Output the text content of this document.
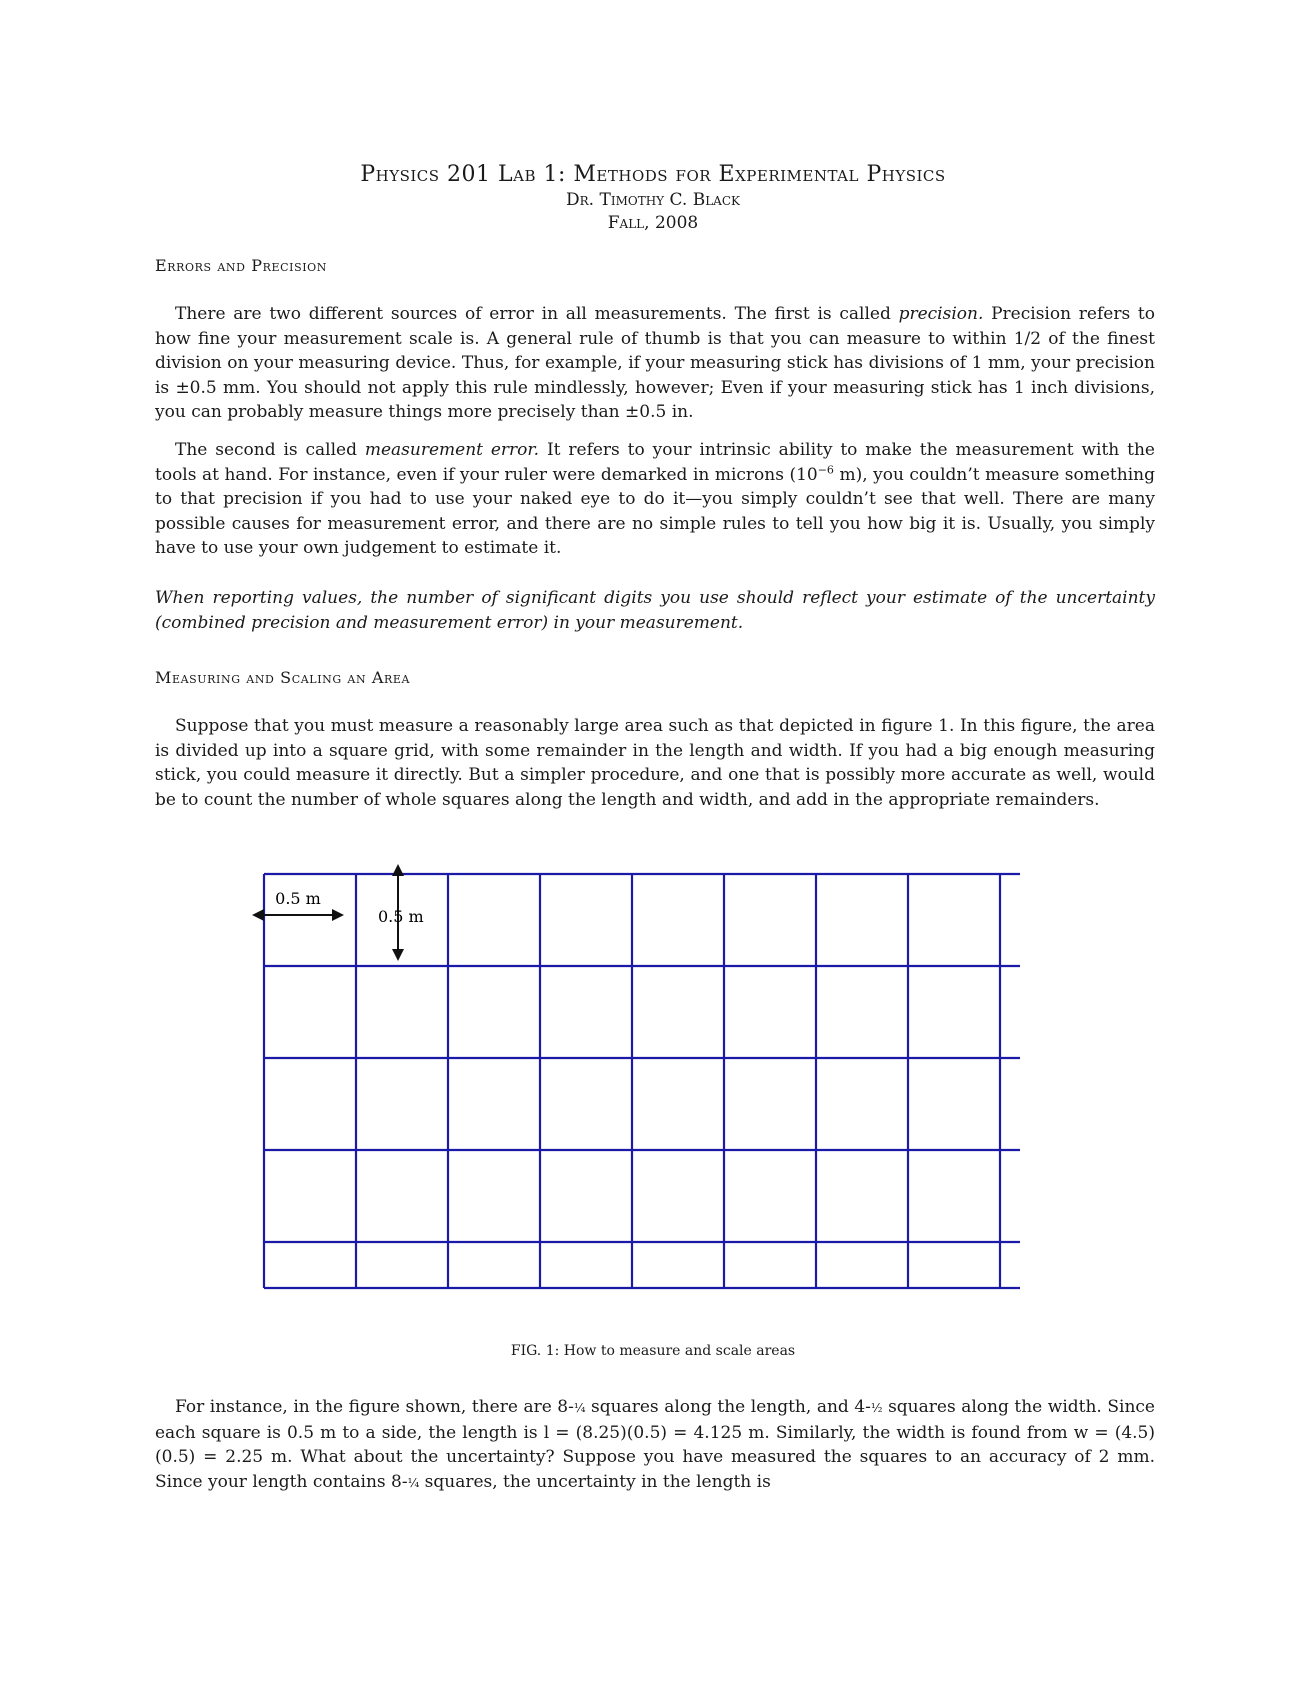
Physics 201 Lab 1: Methods for Experimental Physics
Dr. Timothy C. Black
Fall, 2008
Errors and Precision

There are two different sources of error in all measurements. The first is called precision. Precision refers to how fine your measurement scale is. A general rule of thumb is that you can measure to within 1/2 of the finest division on your measuring device. Thus, for example, if your measuring stick has divisions of 1 mm, your precision is ±0.5 mm. You should not apply this rule mindlessly, however; Even if your measuring stick has 1 inch divisions, you can probably measure things more precisely than ±0.5 in.

The second is called measurement error. It refers to your intrinsic ability to make the measurement with the tools at hand. For instance, even if your ruler were demarked in microns ($10^{-6}$ m), you couldn’t measure something to that precision if you had to use your naked eye to do it—you simply couldn’t see that well. There are many possible causes for measurement error, and there are no simple rules to tell you how big it is. Usually, you simply have to use your own judgement to estimate it.

When reporting values, the number of significant digits you use should reflect your estimate of the uncertainty (combined precision and measurement error) in your measurement.
Measuring and Scaling an Area

Suppose that you must measure a reasonably large area such as that depicted in figure 1. In this figure, the area is divided up into a square grid, with some remainder in the length and width. If you had a big enough measuring stick, you could measure it directly. But a simpler procedure, and one that is possibly more accurate as well, would be to count the number of whole squares along the length and width, and add in the appropriate remainders.

0.5 m
0.5 m
FIG. 1: How to measure and scale areas

For instance, in the figure shown, there are 8-¼ squares along the length, and 4-½ squares along the width. Since each square is 0.5 m to a side, the length is l = (8.25)(0.5) = 4.125 m. Similarly, the width is found from w = (4.5)(0.5) = 2.25 m. What about the uncertainty? Suppose you have measured the squares to an accuracy of 2 mm. Since your length contains 8-¼ squares, the uncertainty in the length is
